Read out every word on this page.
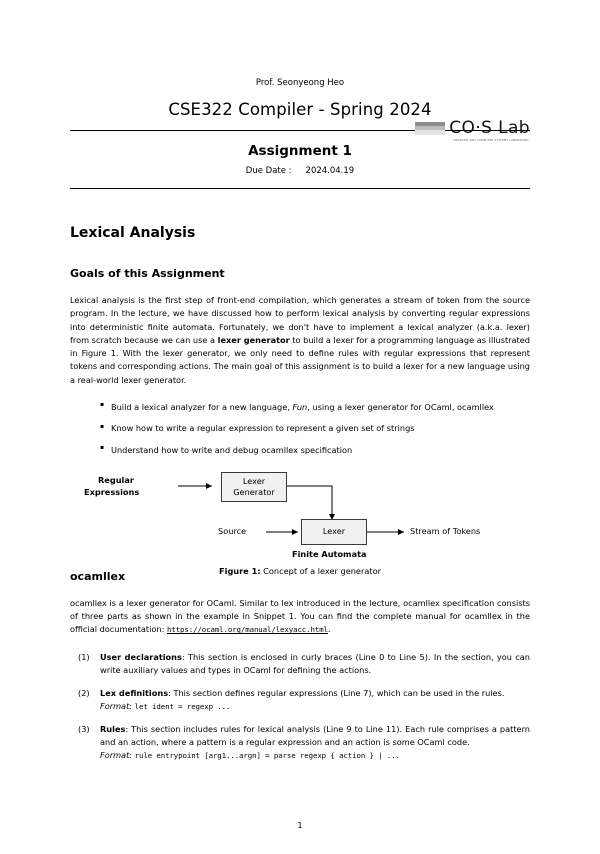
CO·S Lab
COMPILER AND COMPUTER SYSTEMS LABORATORY
Prof. Seonyeong Heo
CSE322 Compiler - Spring 2024
Assignment 1
Due Date : 2024.04.19
Lexical Analysis
Goals of this Assignment

Lexical analysis is the first step of front-end compilation, which generates a stream of token from the source program. In the lecture, we have discussed how to perform lexical analysis by converting regular expressions into deterministic finite automata. Fortunately, we don't have to implement a lexical analyzer (a.k.a. lexer) from scratch because we can use a lexer generator to build a lexer for a programming language as illustrated in Figure 1. With the lexer generator, we only need to define rules with regular expressions that represent tokens and corresponding actions. The main goal of this assignment is to build a lexer for a new language using a real-world lexer generator.

▪ Build a lexical analyzer for a new language, Fun, using a lexer generator for OCaml, ocamllex
▪ Know how to write a regular expression to represent a given set of strings
▪ Understand how to write and debug ocamllex specification
Regular
Expressions
Lexer
Generator
Source	Lexer	Stream of Tokens
Finite Automata
Figure 1: Concept of a lexer generator
ocamllex

ocamllex is a lexer generator for OCaml. Similar to lex introduced in the lecture, ocamllex specification consists of three parts as shown in the example in Snippet 1. You can find the complete manual for ocamllex in the official documentation: https://ocaml.org/manual/lexyacc.html.

(1) User declarations: This section is enclosed in curly braces (Line 0 to Line 5). In the section, you can write auxiliary values and types in OCaml for defining the actions.
(2) Lex definitions: This section defines regular expressions (Line 7), which can be used in the rules.
Format: let ident = regexp ...
(3) Rules: This section includes rules for lexical analysis (Line 9 to Line 11). Each rule comprises a pattern and an action, where a pattern is a regular expression and an action is some OCaml code.
Format: rule entrypoint [arg1...argn] = parse regexp { action } | ...
1
